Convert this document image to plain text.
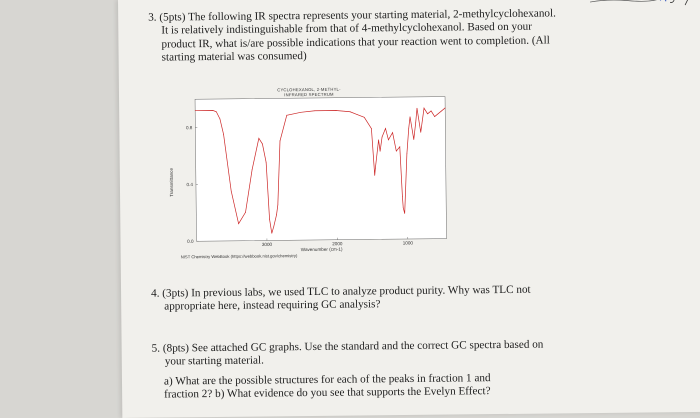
3. (5pts) The following IR spectra represents your starting material, 2-methylcyclohexanol.
It is relatively indistinguishable from that of 4-methylcyclohexanol. Based on your
product IR, what is/are possible indications that your reaction went to completion. (All
starting material was consumed)
CYCLOHEXANOL, 2-METHYL-
INFRARED SPECTRUM
Transmittance
0.8
0.4
0.0
3000	2000	1000
Wavenumber (cm-1)
NIST Chemistry WebBook (https://webbook.nist.gov/chemistry)
4. (3pts) In previous labs, we used TLC to analyze product purity. Why was TLC not
appropriate here, instead requiring GC analysis?
5. (8pts) See attached GC graphs. Use the standard and the correct GC spectra based on
your starting material.
a) What are the possible structures for each of the peaks in fraction 1 and
fraction 2? b) What evidence do you see that supports the Evelyn Effect?
